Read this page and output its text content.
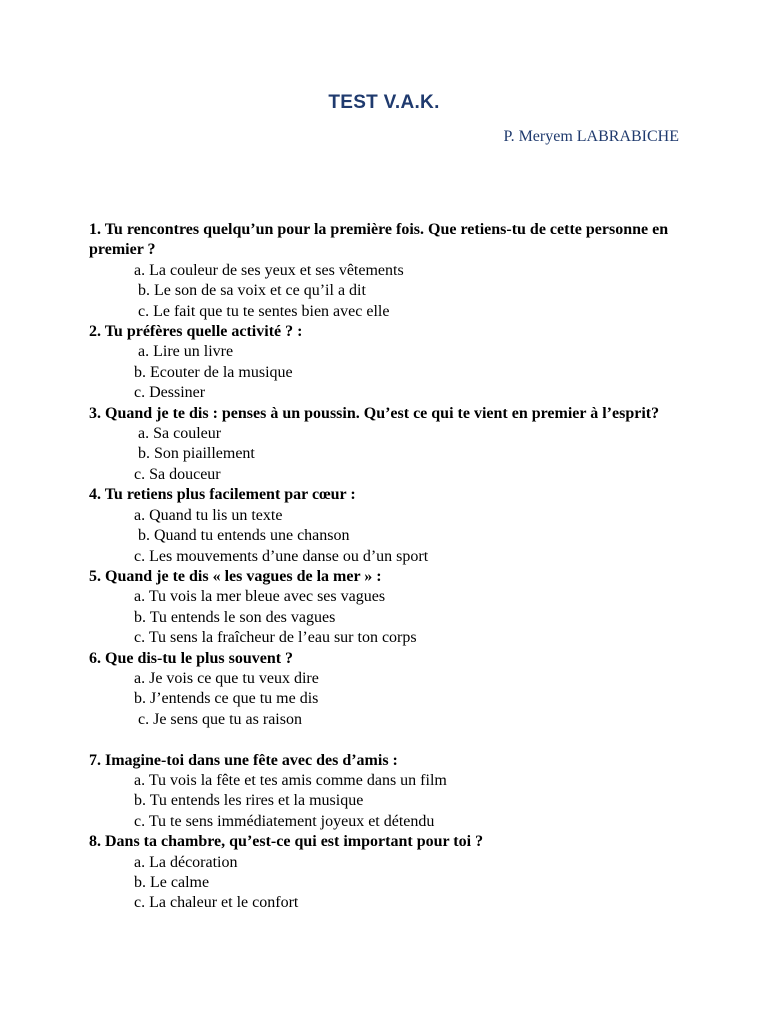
TEST V.A.K.
P. Meryem LABRABICHE
1. Tu rencontres quelqu’un pour la première fois. Que retiens-tu de cette personne en premier ?
a. La couleur de ses yeux et ses vêtements
b. Le son de sa voix et ce qu’il a dit
c. Le fait que tu te sentes bien avec elle
2. Tu préfères quelle activité ? :
a. Lire un livre
b. Ecouter de la musique
c. Dessiner
3. Quand je te dis : penses à un poussin. Qu’est ce qui te vient en premier à l’esprit?
a. Sa couleur
b. Son piaillement
c. Sa douceur
4. Tu retiens plus facilement par cœur :
a. Quand tu lis un texte
b. Quand tu entends une chanson
c. Les mouvements d’une danse ou d’un sport
5. Quand je te dis « les vagues de la mer » :
a. Tu vois la mer bleue avec ses vagues
b. Tu entends le son des vagues
c. Tu sens la fraîcheur de l’eau sur ton corps
6. Que dis-tu le plus souvent ?
a. Je vois ce que tu veux dire
b. J’entends ce que tu me dis
c. Je sens que tu as raison
7. Imagine-toi dans une fête avec des d’amis :
a. Tu vois la fête et tes amis comme dans un film
b. Tu entends les rires et la musique
c. Tu te sens immédiatement joyeux et détendu
8. Dans ta chambre, qu’est-ce qui est important pour toi ?
a. La décoration
b. Le calme
c. La chaleur et le confort
